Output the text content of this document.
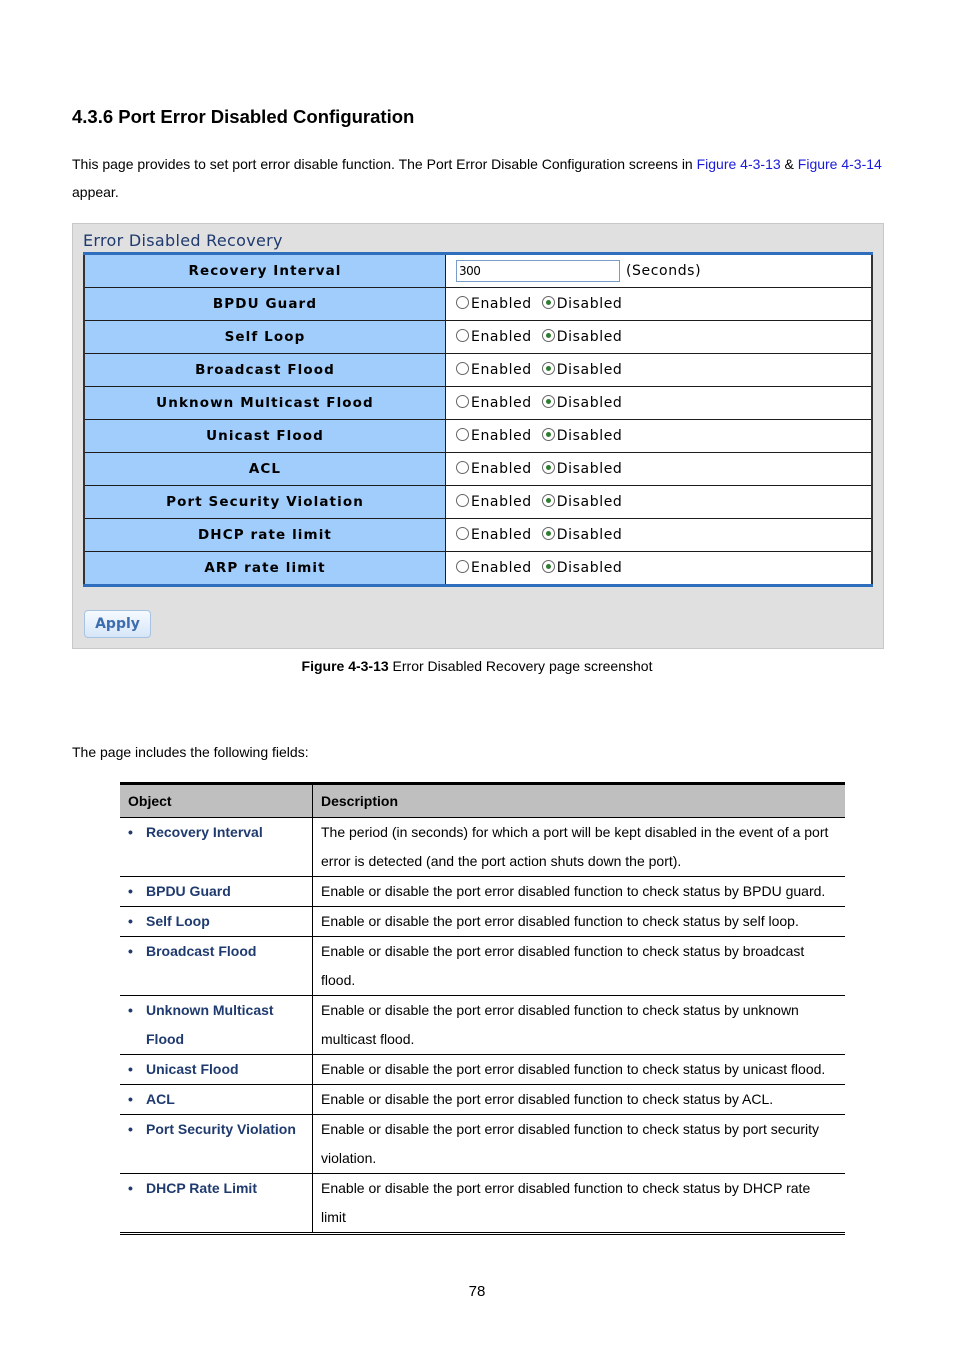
4.3.6 Port Error Disabled Configuration

This page provides to set port error disable function. The Port Error Disable Configuration screens in Figure 4-3-13 & Figure 4-3-14 appear.

Error Disabled Recovery
Recovery Interval	300 (Seconds)
BPDU Guard	Enabled Disabled
Self Loop	Enabled Disabled
Broadcast Flood	Enabled Disabled
Unknown Multicast Flood	Enabled Disabled
Unicast Flood	Enabled Disabled
ACL	Enabled Disabled
Port Security Violation	Enabled Disabled
DHCP rate limit	Enabled Disabled
ARP rate limit	Enabled Disabled
Apply
Figure 4-3-13 Error Disabled Recovery page screenshot
The page includes the following fields:
Object	Description
• Recovery Interval	The period (in seconds) for which a port will be kept disabled in the event of a port error is detected (and the port action shuts down the port).
• BPDU Guard	Enable or disable the port error disabled function to check status by BPDU guard.
• Self Loop	Enable or disable the port error disabled function to check status by self loop.
• Broadcast Flood	Enable or disable the port error disabled function to check status by broadcast flood.
• Unknown Multicast Flood	Enable or disable the port error disabled function to check status by unknown multicast flood.
• Unicast Flood	Enable or disable the port error disabled function to check status by unicast flood.
• ACL	Enable or disable the port error disabled function to check status by ACL.
• Port Security Violation	Enable or disable the port error disabled function to check status by port security violation.
• DHCP Rate Limit	Enable or disable the port error disabled function to check status by DHCP rate limit
78
